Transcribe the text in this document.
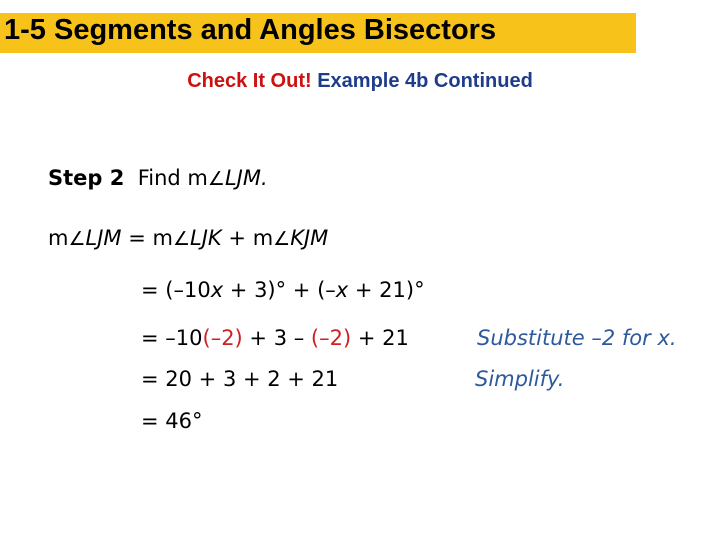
1-5 Segments and Angles Bisectors
Check It Out! Example 4b Continued
Step 2 Find m∠LJM.
m∠LJM = m∠LJK + m∠KJM
= (–10x + 3)° + (–x + 21)°
= –10(–2) + 3 – (–2) + 21	Substitute –2 for x.
= 20 + 3 + 2 + 21	Simplify.
= 46°
